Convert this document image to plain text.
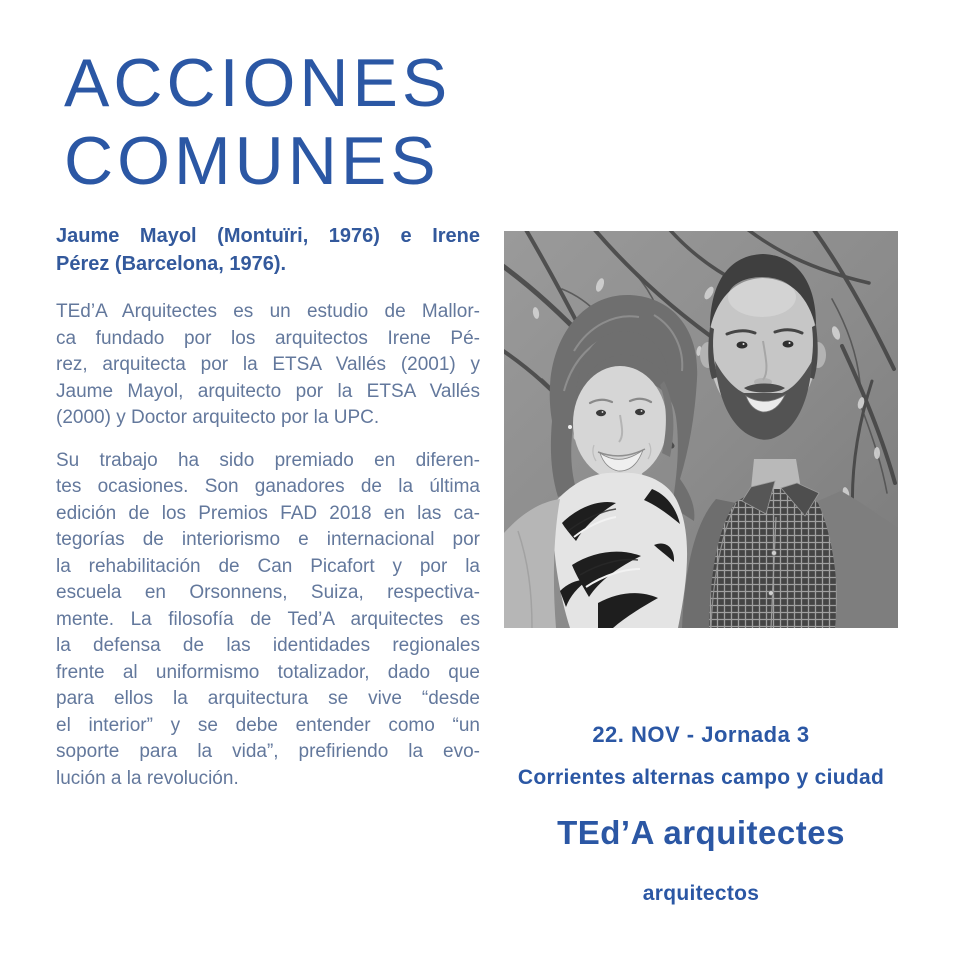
ACCIONES
COMUNES
Jaume Mayol (Montuïri, 1976) e Irene
Pérez (Barcelona, 1976).
TEd’A Arquitectes es un estudio de Mallor-
ca fundado por los arquitectos Irene Pé-
rez, arquitecta por la ETSA Vallés (2001) y
Jaume Mayol, arquitecto por la ETSA Vallés
(2000) y Doctor arquitecto por la UPC.
Su trabajo ha sido premiado en diferen-
tes ocasiones. Son ganadores de la última
edición de los Premios FAD 2018 en las ca-
tegorías de interiorismo e internacional por
la rehabilitación de Can Picafort y por la
escuela en Orsonnens, Suiza, respectiva-
mente. La filosofía de Ted’A arquitectes es
la defensa de las identidades regionales
frente al uniformismo totalizador, dado que
para ellos la arquitectura se vive “desde
el interior” y se debe entender como “un
soporte para la vida”, prefiriendo la evo-
lución a la revolución.
22. NOV - Jornada 3
Corrientes alternas campo y ciudad
TEd’A arquitectes
arquitectos
